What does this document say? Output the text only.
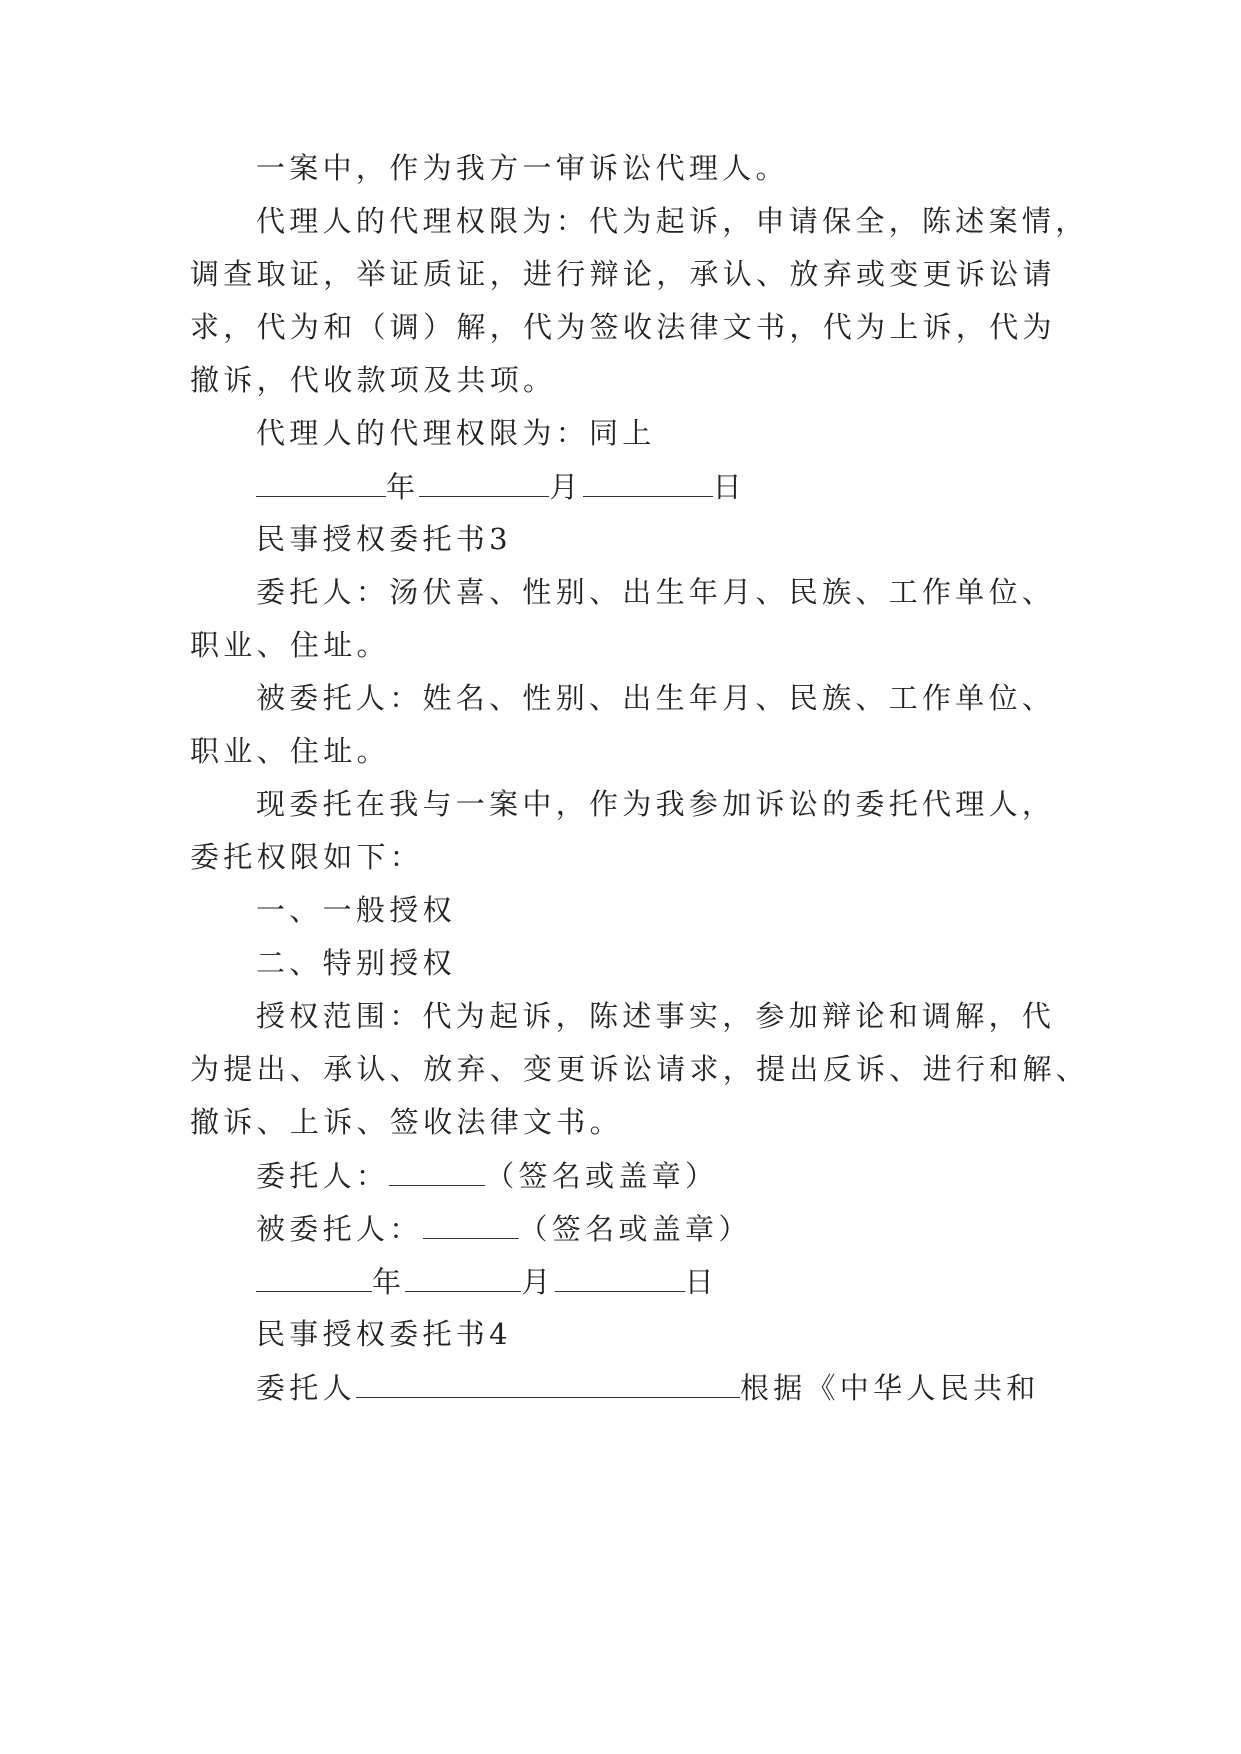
一案中，作为我方一审诉讼代理人。
代理人的代理权限为：代为起诉，申请保全，陈述案情，
调查取证，举证质证，进行辩论，承认、放弃或变更诉讼请
求，代为和（调）解，代为签收法律文书，代为上诉，代为
撤诉，代收款项及共项。
代理人的代理权限为：同上
年	月	日
民事授权委托书3
委托人：汤伏喜、性别、出生年月、民族、工作单位、
职业、住址。
被委托人：姓名、性别、出生年月、民族、工作单位、
职业、住址。
现委托在我与一案中，作为我参加诉讼的委托代理人，
委托权限如下：
一、一般授权
二、特别授权
授权范围：代为起诉，陈述事实，参加辩论和调解，代
为提出、承认、放弃、变更诉讼请求，提出反诉、进行和解、
撤诉、上诉、签收法律文书。
委托人：	（签名或盖章）
被委托人：	（签名或盖章）
年	月	日
民事授权委托书4
委托人	根据《中华人民共和
